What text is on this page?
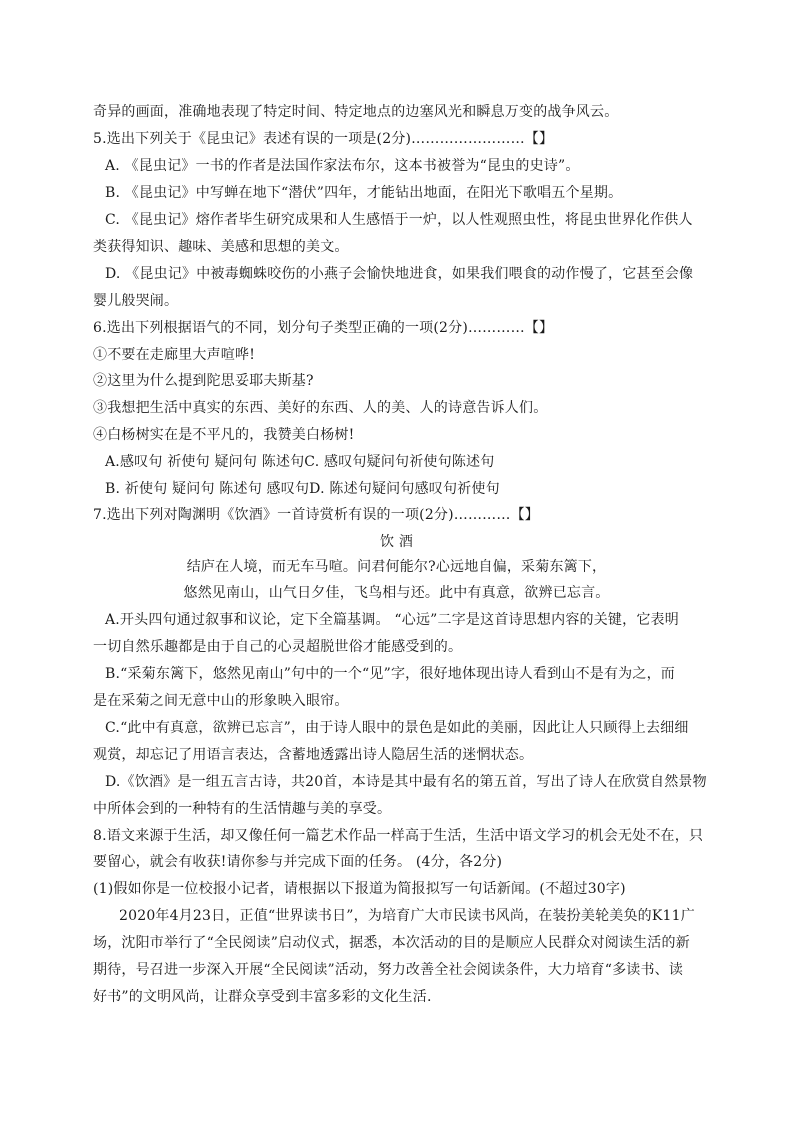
奇异的画面，准确地表现了特定时间、特定地点的边塞风光和瞬息万变的战争风云。
5.选出下列关于《昆虫记》表述有误的一项是(2分)……………………【】
A. 《昆虫记》一书的作者是法国作家法布尔，这本书被誉为“昆虫的史诗”。
B. 《昆虫记》中写蝉在地下“潜伏”四年，才能钻出地面，在阳光下歌唱五个星期。
C. 《昆虫记》熔作者毕生研究成果和人生感悟于一炉，以人性观照虫性，将昆虫世界化作供人
类获得知识、趣味、美感和思想的美文。
D. 《昆虫记》中被毒蜘蛛咬伤的小燕子会愉快地进食，如果我们喂食的动作慢了，它甚至会像
婴儿般哭闹。
6.选出下列根据语气的不同，划分句子类型正确的一项(2分)…………【】
①不要在走廊里大声喧哗!
②这里为什么提到陀思妥耶夫斯基?
③我想把生活中真实的东西、美好的东西、人的美、人的诗意告诉人们。
④白杨树实在是不平凡的，我赞美白杨树!
A.感叹句 祈使句 疑问句 陈述句C. 感叹句疑问句祈使句陈述句
B. 祈使句 疑问句 陈述句 感叹句D. 陈述句疑问句感叹句祈使句
7.选出下列对陶渊明《饮酒》一首诗赏析有误的一项(2分)…………【】
饮 酒
结庐在人境，而无车马喧。问君何能尔?心远地自偏，采菊东篱下，
悠然见南山，山气日夕佳，飞鸟相与还。此中有真意，欲辨已忘言。
A.开头四句通过叙事和议论，定下全篇基调。 “心远”二字是这首诗思想内容的关键，它表明
一切自然乐趣都是由于自己的心灵超脱世俗才能感受到的。
B.“采菊东篱下，悠然见南山”句中的一个“见”字，很好地体现出诗人看到山不是有为之，而
是在采菊之间无意中山的形象映入眼帘。
C.“此中有真意，欲辨已忘言”，由于诗人眼中的景色是如此的美丽，因此让人只顾得上去细细
观赏，却忘记了用语言表达，含蓄地透露出诗人隐居生活的迷惘状态。
D.《饮酒》是一组五言古诗，共20首，本诗是其中最有名的第五首，写出了诗人在欣赏自然景物
中所体会到的一种特有的生活情趣与美的享受。
8.语文来源于生活，却又像任何一篇艺术作品一样高于生活，生活中语文学习的机会无处不在，只
要留心，就会有收获!请你参与并完成下面的任务。 (4分，各2分)
(1)假如你是一位校报小记者，请根据以下报道为简报拟写一句话新闻。(不超过30字)
2020年4月23日，正值“世界读书日”，为培育广大市民读书风尚，在装扮美轮美奂的K11广
场，沈阳市举行了“全民阅读”启动仪式，据悉，本次活动的目的是顺应人民群众对阅读生活的新
期待，号召进一步深入开展“全民阅读”活动，努力改善全社会阅读条件，大力培育“多读书、读
好书”的文明风尚，让群众享受到丰富多彩的文化生活.
